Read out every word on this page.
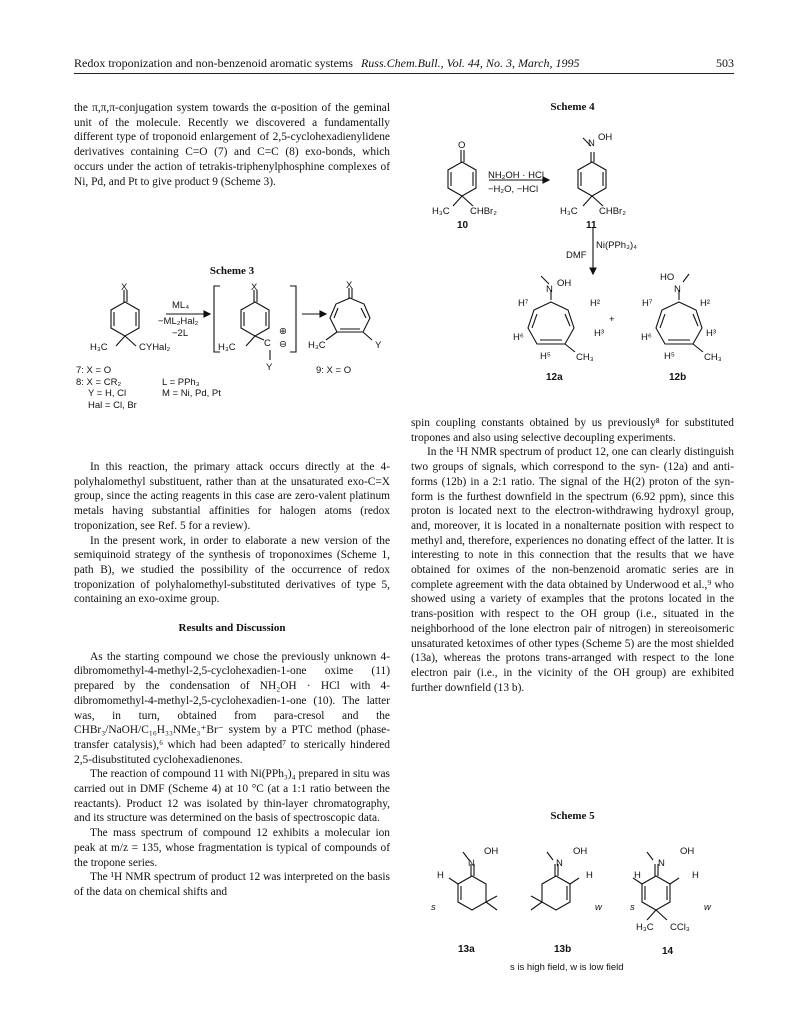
Redox troponization and non-benzenoid aromatic systems Russ.Chem.Bull., Vol. 44, No. 3, March, 1995	503

the π,π,π-conjugation system towards the α-position of the geminal unit of the molecule. Recently we discovered a fundamentally different type of troponoid enlargement of 2,5-cyclohexadienylidene derivatives containing C=O (7) and C=C (8) exo-bonds, which occurs under the action of tetrakis-triphenylphosphine complexes of Ni, Pd, and Pt to give product 9 (Scheme 3).

Scheme 3
X	X	X
ML₄
−ML₂Hal₂
−2L
H₃C	CYHal₂	H₃C	C
Y
⊕
⊖ H₃C	Y
7: X = O
8: X = CR₂
Y = H, Cl
Hal = Cl, Br
L = PPh₃
M = Ni, Pd, Pt
9: X = O

In this reaction, the primary attack occurs directly at the 4-polyhalomethyl substituent, rather than at the unsaturated exo-C=X group, since the acting reagents in this case are zero-valent platinum metals having substantial affinities for halogen atoms (redox troponization, see Ref. 5 for a review).

In the present work, in order to elaborate a new version of the semiquinoid strategy of the synthesis of troponoximes (Scheme 1, path B), we studied the possibility of the occurrence of redox troponization of polyhalomethyl-substituted derivatives of type 5, containing an exo-oxime group.

Results and Discussion

As the starting compound we chose the previously unknown 4-dibromomethyl-4-methyl-2,5-cyclohexadien-1-one oxime (11) prepared by the condensation of NH₂OH · HCl with 4-dibromomethyl-4-methyl-2,5-cyclohexadien-1-one (10). The latter was, in turn, obtained from para-cresol and the CHBr₃/NaOH/C₁₆H₃₃NMe₃⁺Br⁻ system by a PTC method (phase-transfer catalysis),⁶ which had been adapted⁷ to sterically hindered 2,5-disubstituted cyclohexadienones.

The reaction of compound 11 with Ni(PPh₃)₄ prepared in situ was carried out in DMF (Scheme 4) at 10 °C (at a 1:1 ratio between the reactants). Product 12 was isolated by thin-layer chromatography, and its structure was determined on the basis of spectroscopic data.

The mass spectrum of compound 12 exhibits a molecular ion peak at m/z = 135, whose fragmentation is typical of compounds of the tropone series.

The ¹H NMR spectrum of product 12 was interpreted on the basis of the data on chemical shifts and

Scheme 4
O	N
OH
NH₂OH · HCl
−H₂O, −HCl
H₃C CHBr₂	H₃C CHBr₂
10	11
DMF
Ni(PPh₃)₄
N
OH
HO
N
H⁷	H²	H⁷	H²
+
H³	H³
H⁶	H⁶
H⁵	CH₃	H⁵	CH₃
12a	12b

spin coupling constants obtained by us previously⁸ for substituted tropones and also using selective decoupling experiments.

In the ¹H NMR spectrum of product 12, one can clearly distinguish two groups of signals, which correspond to the syn- (12a) and anti-forms (12b) in a 2:1 ratio. The signal of the H(2) proton of the syn-form is the furthest downfield in the spectrum (6.92 ppm), since this proton is located next to the electron-withdrawing hydroxyl group, and, moreover, it is located in a nonalternate position with respect to methyl and, therefore, experiences no donating effect of the latter. It is interesting to note in this connection that the results that we have obtained for oximes of the non-benzenoid aromatic series are in complete agreement with the data obtained by Underwood et al.,⁹ who showed using a variety of examples that the protons located in the trans-position with respect to the OH group (i.e., situated in the neighborhood of the lone electron pair of nitrogen) in stereoisomeric unsaturated ketoximes of other types (Scheme 5) are the most shielded (13a), whereas the protons trans-arranged with respect to the lone electron pair (i.e., in the vicinity of the OH group) are exhibited further downfield (13 b).

Scheme 5
OH
N
H
s
OH
N
H
w
OH
N
H	H
s	w
H₃C CCl₃
13a	13b	14
s is high field, w is low field
